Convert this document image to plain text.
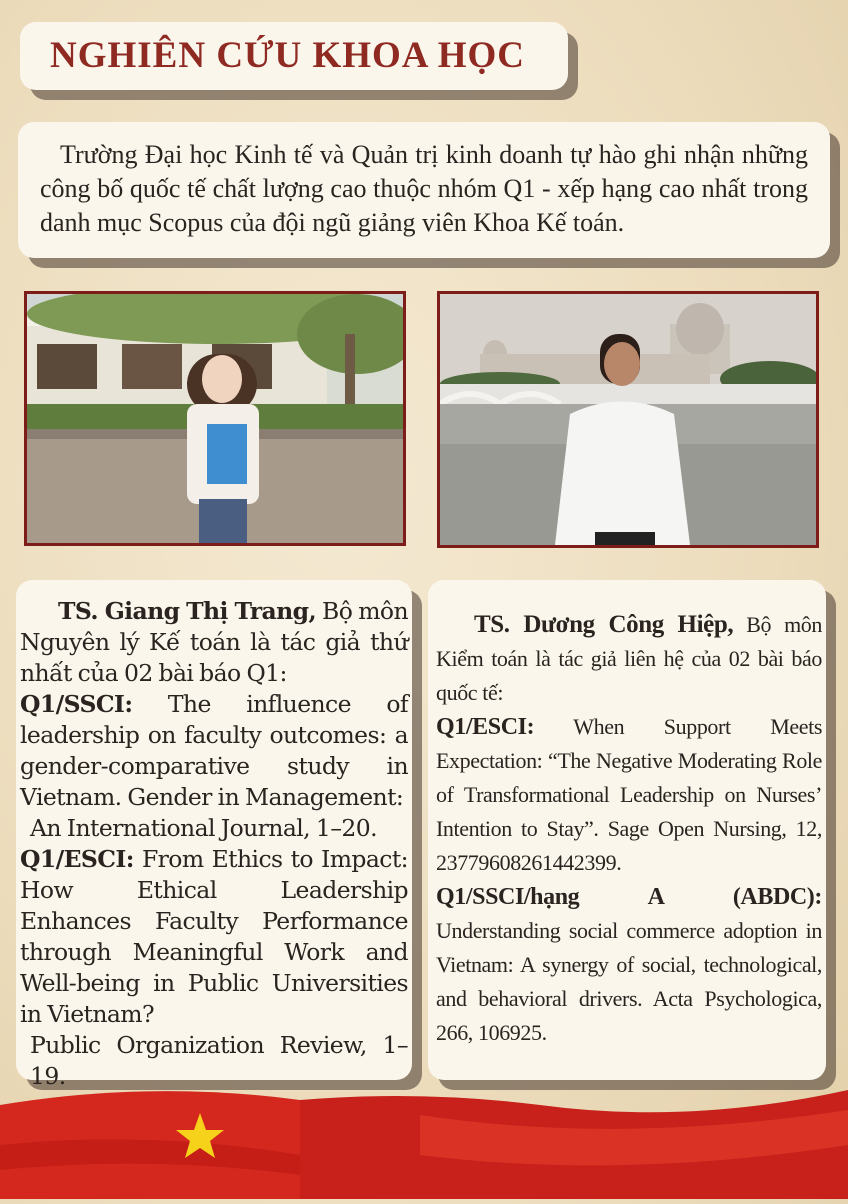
NGHIÊN CỨU KHOA HỌC

Trường Đại học Kinh tế và Quản trị kinh doanh tự hào ghi nhận những công bố quốc tế chất lượng cao thuộc nhóm Q1 - xếp hạng cao nhất trong danh mục Scopus của đội ngũ giảng viên Khoa Kế toán.

TS. Giang Thị Trang, Bộ môn Nguyên lý Kế toán là tác giả thứ nhất của 02 bài báo Q1:

Q1/SSCI: The influence of leadership on faculty outcomes: a gender-comparative study in Vietnam. Gender in Management:

An International Journal, 1–20.

Q1/ESCI: From Ethics to Impact: How Ethical Leadership Enhances Faculty Performance through Meaningful Work and Well-being in Public Universities in Vietnam?

Public Organization Review, 1–19.

TS. Dương Công Hiệp, Bộ môn Kiểm toán là tác giả liên hệ của 02 bài báo quốc tế:

Q1/ESCI: When Support Meets Expectation: “The Negative Moderating Role of Transformational Leadership on Nurses’ Intention to Stay”. Sage Open Nursing, 12, 23779608261442399.

Q1/SSCI/hạng A (ABDC): Understanding social commerce adoption in Vietnam: A synergy of social, technological, and behavioral drivers. Acta Psychologica, 266, 106925.
